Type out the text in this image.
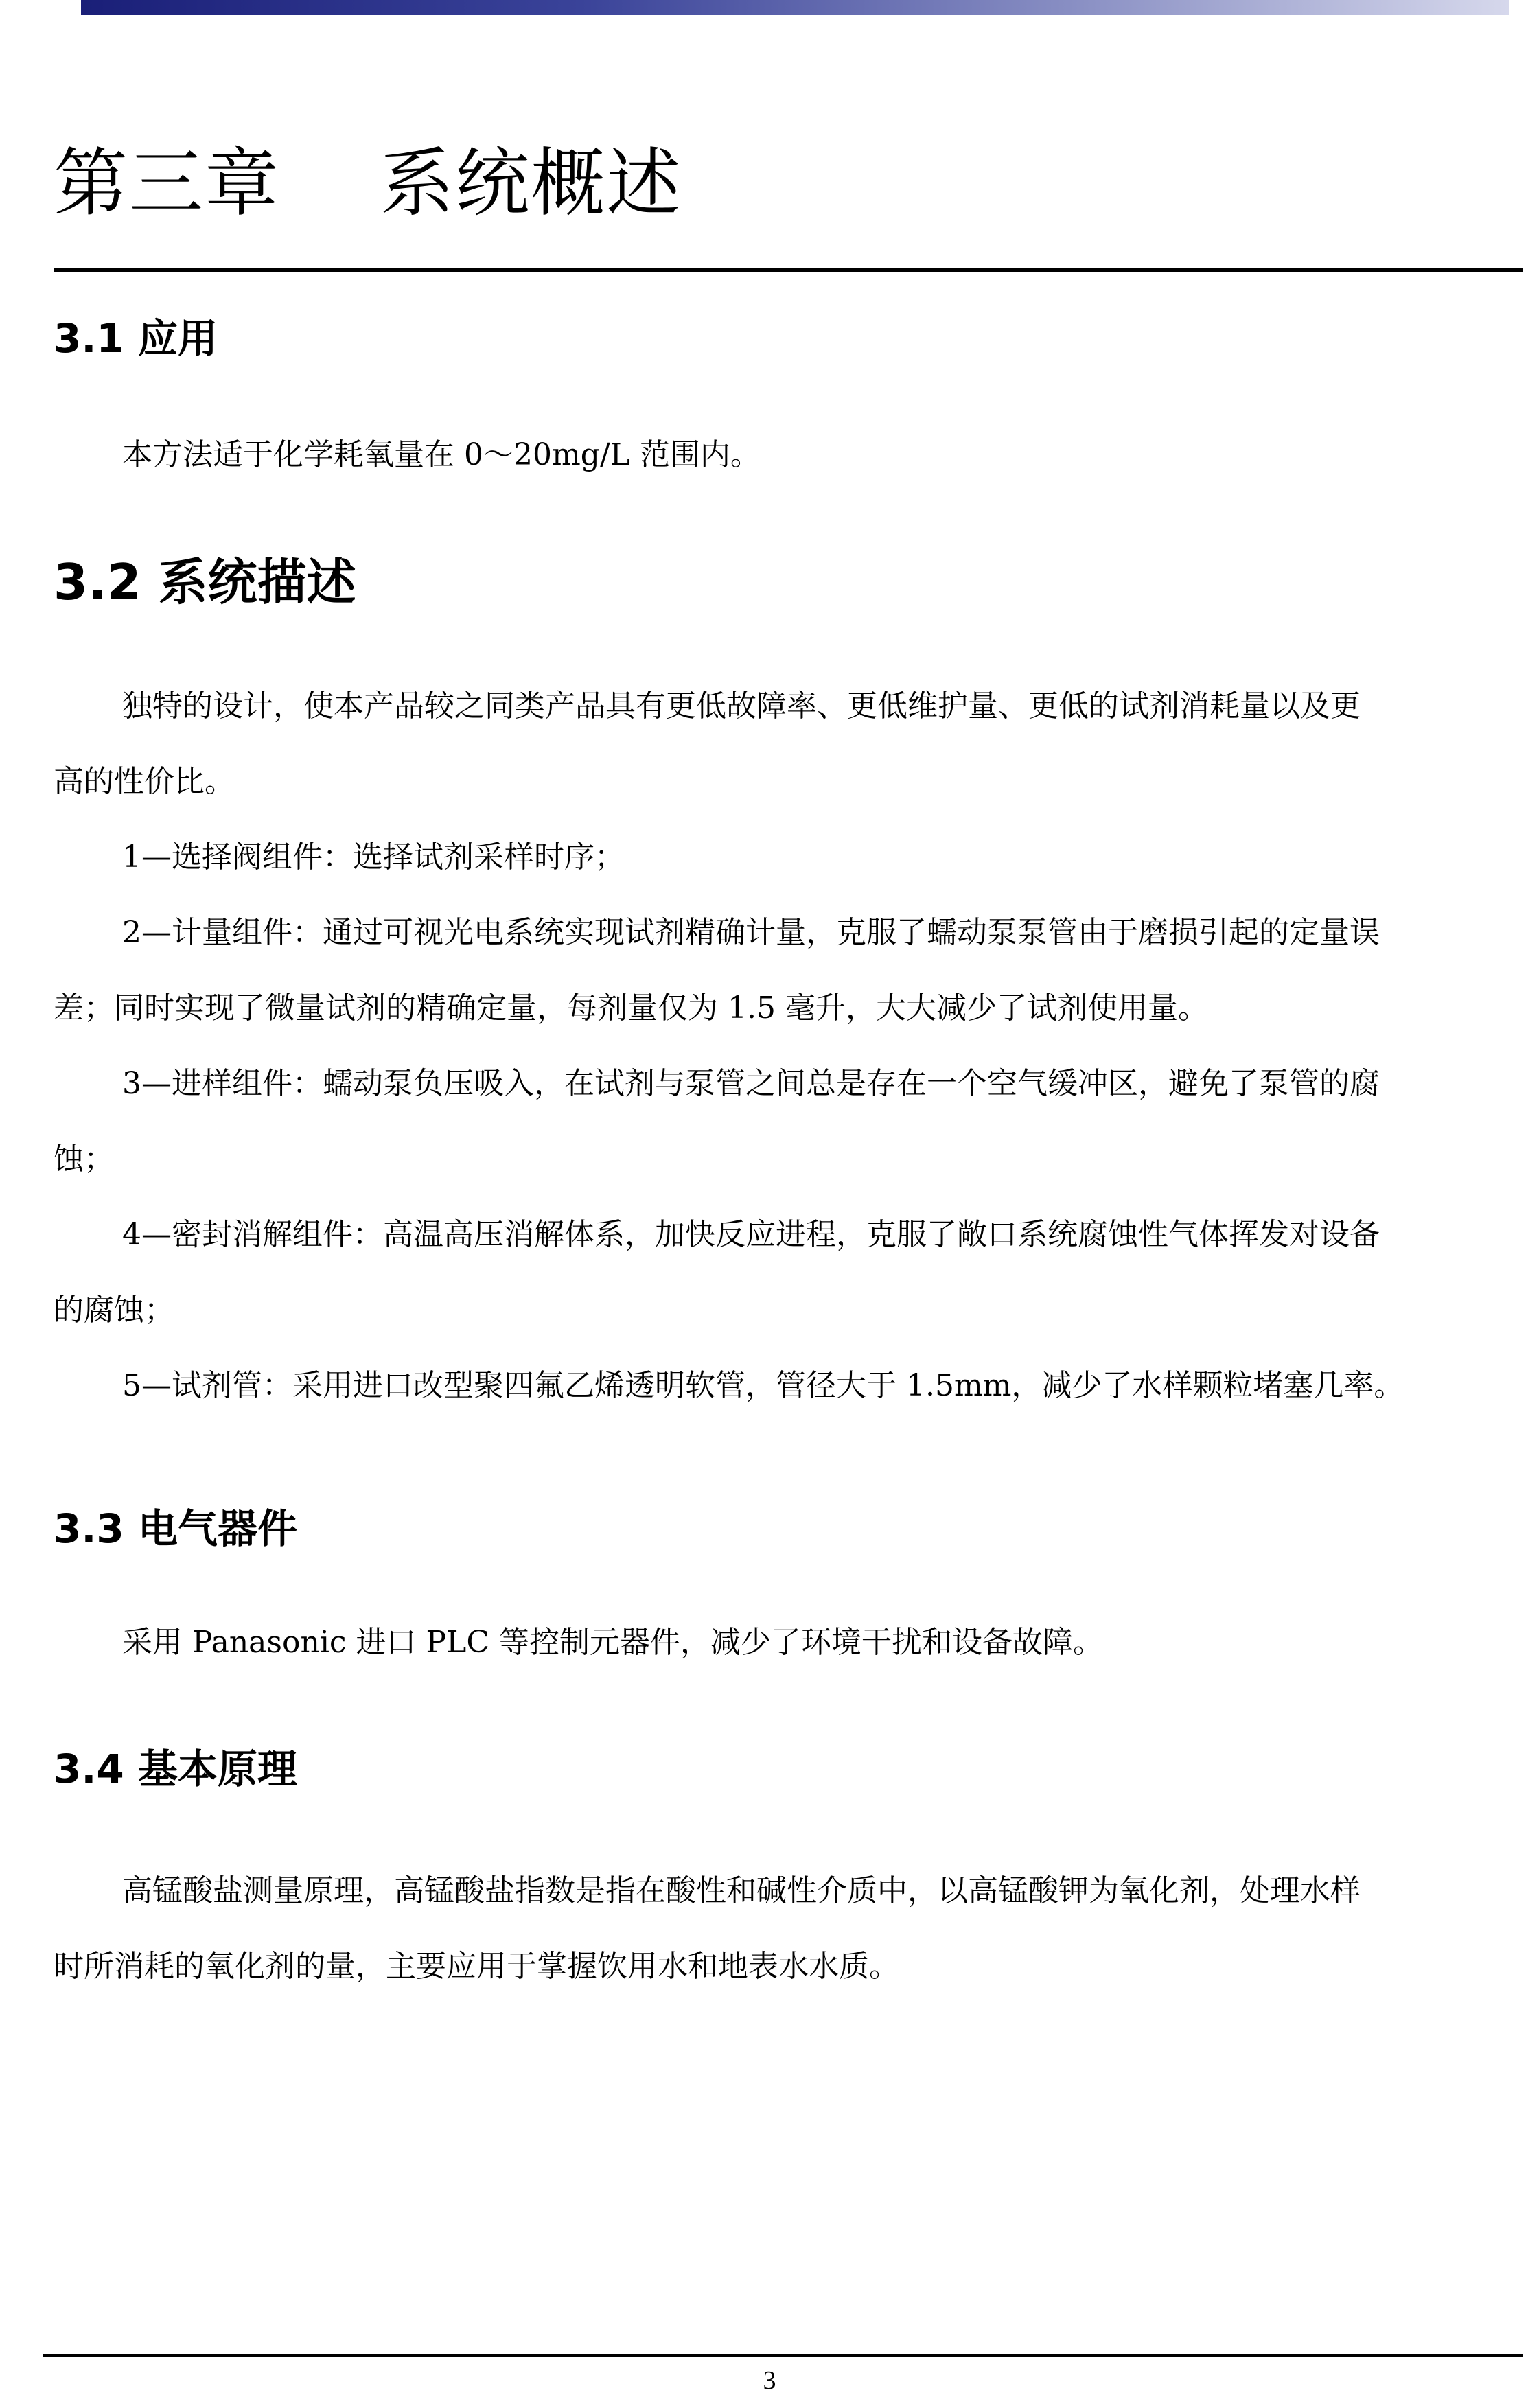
第三章    系统概述
3.1 应用

本方法适于化学耗氧量在 0～20mg/L 范围内。

3.2 系统描述

独特的设计，使本产品较之同类产品具有更低故障率、更低维护量、更低的试剂消耗量以及更
高的性价比。
1—选择阀组件：选择试剂采样时序；
2—计量组件：通过可视光电系统实现试剂精确计量，克服了蠕动泵泵管由于磨损引起的定量误
差；同时实现了微量试剂的精确定量，每剂量仅为 1.5 毫升，大大减少了试剂使用量。
3—进样组件：蠕动泵负压吸入，在试剂与泵管之间总是存在一个空气缓冲区，避免了泵管的腐
蚀；
4—密封消解组件：高温高压消解体系，加快反应进程，克服了敞口系统腐蚀性气体挥发对设备
的腐蚀；
5—试剂管：采用进口改型聚四氟乙烯透明软管，管径大于 1.5mm，减少了水样颗粒堵塞几率。

3.3 电气器件

采用 Panasonic 进口 PLC 等控制元器件，减少了环境干扰和设备故障。

3.4 基本原理

高锰酸盐测量原理，高锰酸盐指数是指在酸性和碱性介质中，以高锰酸钾为氧化剂，处理水样
时所消耗的氧化剂的量，主要应用于掌握饮用水和地表水水质。

3
